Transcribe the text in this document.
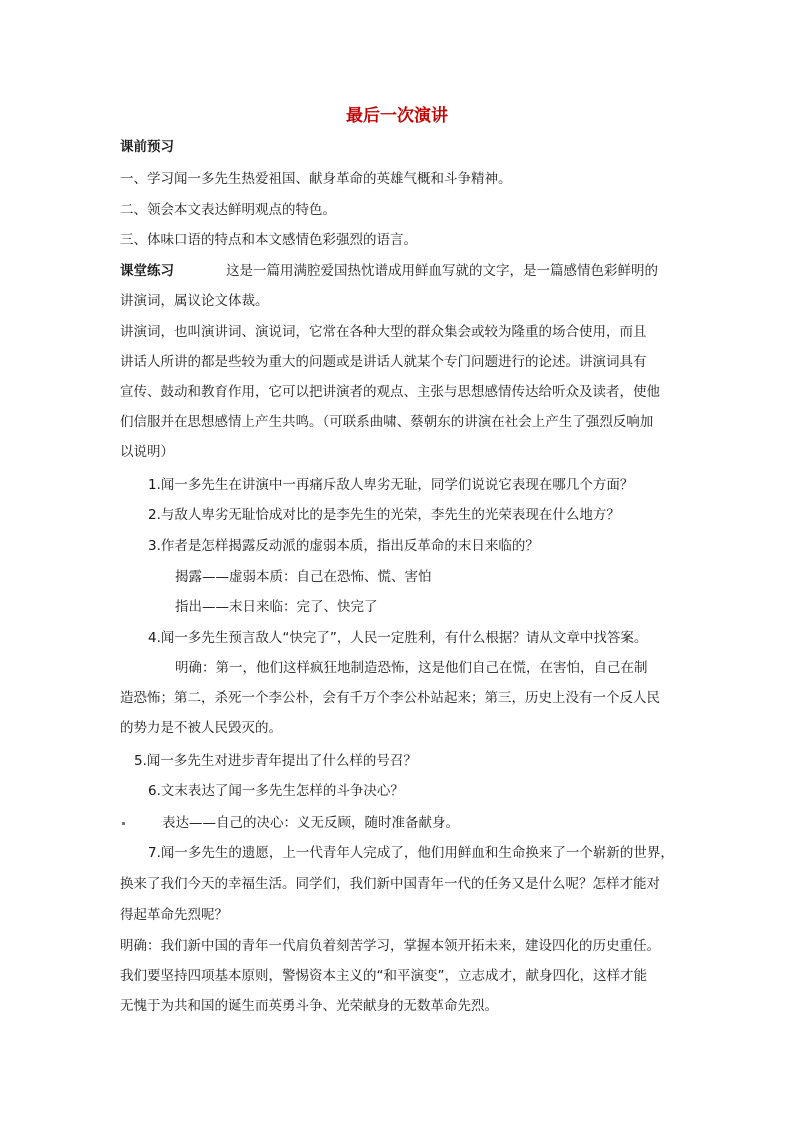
最后一次演讲
课前预习
一、学习闻一多先生热爱祖国、献身革命的英雄气概和斗争精神。
二、领会本文表达鲜明观点的特色。
三、体味口语的特点和本文感情色彩强烈的语言。
课堂练习	这是一篇用满腔爱国热忱谱成用鲜血写就的文字，是一篇感情色彩鲜明的
讲演词，属议论文体裁。
讲演词，也叫演讲词、演说词，它常在各种大型的群众集会或较为隆重的场合使用，而且
讲话人所讲的都是些较为重大的问题或是讲话人就某个专门问题进行的论述。讲演词具有
宣传、鼓动和教育作用，它可以把讲演者的观点、主张与思想感情传达给听众及读者，使他
们信服并在思想感情上产生共鸣。（可联系曲啸、蔡朝东的讲演在社会上产生了强烈反响加
以说明）
1.闻一多先生在讲演中一再痛斥敌人卑劣无耻，同学们说说它表现在哪几个方面？
2.与敌人卑劣无耻恰成对比的是李先生的光荣，李先生的光荣表现在什么地方？
3.作者是怎样揭露反动派的虚弱本质，指出反革命的末日来临的？
揭露——虚弱本质：自己在恐怖、慌、害怕
指出——末日来临：完了、快完了
4.闻一多先生预言敌人“快完了”，人民一定胜利，有什么根据？请从文章中找答案。
明确：第一，他们这样疯狂地制造恐怖，这是他们自己在慌，在害怕，自己在制
造恐怖；第二，杀死一个李公朴，会有千万个李公朴站起来；第三，历史上没有一个反人民
的势力是不被人民毁灭的。
5.闻一多先生对进步青年提出了什么样的号召？
6.文末表达了闻一多先生怎样的斗争决心？
表达——自己的决心：义无反顾，随时准备献身。
7.闻一多先生的遗愿，上一代青年人完成了，他们用鲜血和生命换来了一个崭新的世界，
换来了我们今天的幸福生活。同学们，我们新中国青年一代的任务又是什么呢？怎样才能对
得起革命先烈呢？
明确：我们新中国的青年一代肩负着刻苦学习，掌握本领开拓未来，建设四化的历史重任。
我们要坚持四项基本原则，警惕资本主义的“和平演变”，立志成才，献身四化，这样才能
无愧于为共和国的诞生而英勇斗争、光荣献身的无数革命先烈。
